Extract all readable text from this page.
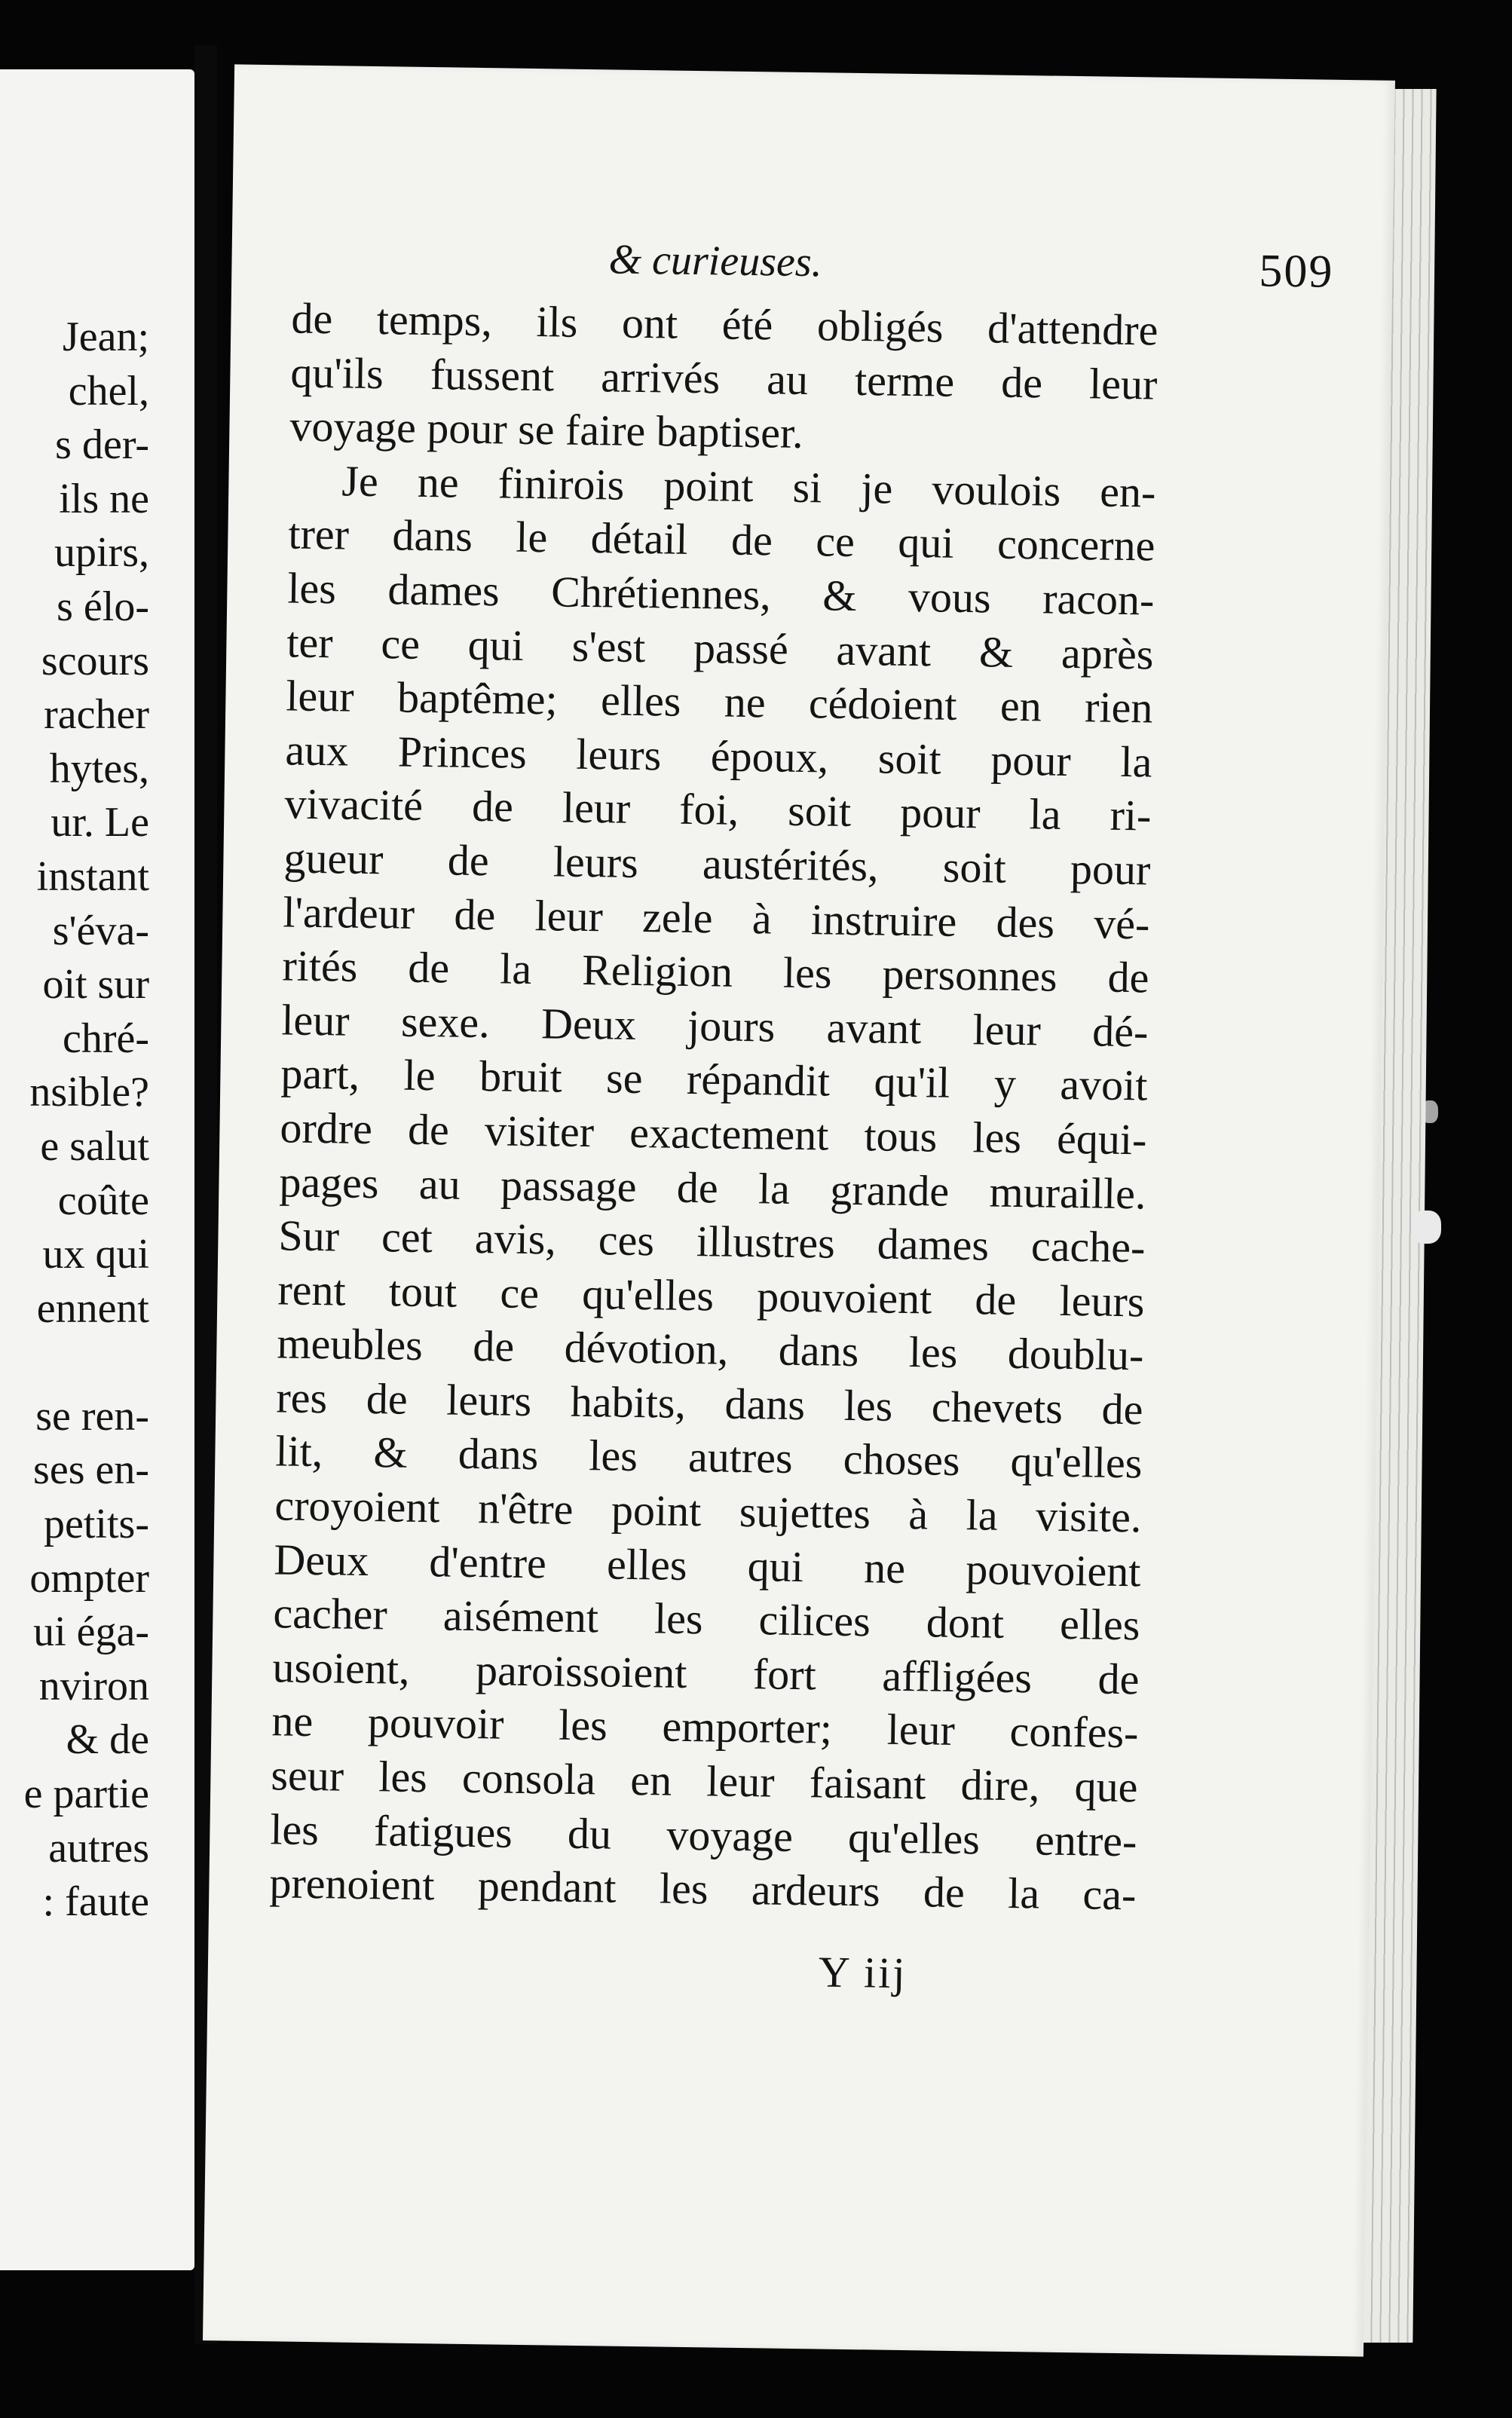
Jean;
chel,
s der-
ils ne
upirs,
s élo-
scours
racher
hytes,
ur. Le
instant
s'éva-
oit sur
chré-
nsible?
e salut
coûte
ux qui
ennent
se ren-
ses en-
petits-
ompter
ui éga-
nviron
& de
e partie
autres
: faute
& curieuses.	509
de temps, ils ont été obligés d'attendre
qu'ils fussent arrivés au terme de leur
voyage pour se faire baptiser.
Je ne finirois point si je voulois en-
trer dans le détail de ce qui concerne
les dames Chrétiennes, & vous racon-
ter ce qui s'est passé avant & après
leur baptême; elles ne cédoient en rien
aux Princes leurs époux, soit pour la
vivacité de leur foi, soit pour la ri-
gueur de leurs austérités, soit pour
l'ardeur de leur zele à instruire des vé-
rités de la Religion les personnes de
leur sexe. Deux jours avant leur dé-
part, le bruit se répandit qu'il y avoit
ordre de visiter exactement tous les équi-
pages au passage de la grande muraille.
Sur cet avis, ces illustres dames cache-
rent tout ce qu'elles pouvoient de leurs
meubles de dévotion, dans les doublu-
res de leurs habits, dans les chevets de
lit, & dans les autres choses qu'elles
croyoient n'être point sujettes à la visite.
Deux d'entre elles qui ne pouvoient
cacher aisément les cilices dont elles
usoient, paroissoient fort affligées de
ne pouvoir les emporter; leur confes-
seur les consola en leur faisant dire, que
les fatigues du voyage qu'elles entre-
prenoient pendant les ardeurs de la ca-
Y iij
